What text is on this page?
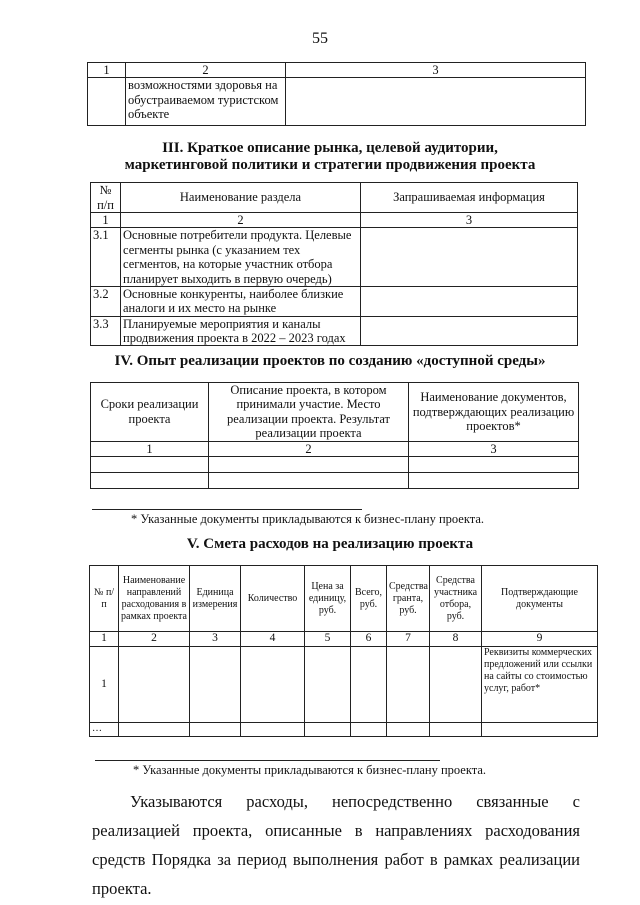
55
1	2	3
	возможностями здоровья на обустраиваемом туристском объекте	
III. Краткое описание рынка, целевой аудитории,
маркетинговой политики и стратегии продвижения проекта
№ п/п	Наименование раздела	Запрашиваемая информация
1	2	3
3.1	Основные потребители продукта. Целевые сегменты рынка (с указанием тех сегментов, на которые участник отбора планирует выходить в первую очередь)	
3.2	Основные конкуренты, наиболее близкие аналоги и их место на рынке	
3.3	Планируемые мероприятия и каналы продвижения проекта в 2022 – 2023 годах	
IV. Опыт реализации проектов по созданию «доступной среды»
Сроки реализации проекта	Описание проекта, в котором принимали участие. Место реализации проекта. Результат реализации проекта	Наименование документов, подтверждающих реализацию проектов*
1	2	3

* Указанные документы прикладываются к бизнес-плану проекта.
V. Смета расходов на реализацию проекта
№ п/п	Наименование направлений расходования в рамках проекта	Единица измерения	Количество	Цена за единицу, руб.	Всего, руб.	Средства гранта, руб.	Средства участника отбора, руб.	Подтверждающие документы
1	2	3	4	5	6	7	8	9
1								Реквизиты коммерческих предложений или ссылки на сайты со стоимостью услуг, работ*
…								
* Указанные документы прикладываются к бизнес-плану проекта.
Указываются расходы, непосредственно связанные с реализацией проекта, описанные в направлениях расходования средств Порядка за период выполнения работ в рамках реализации проекта.
